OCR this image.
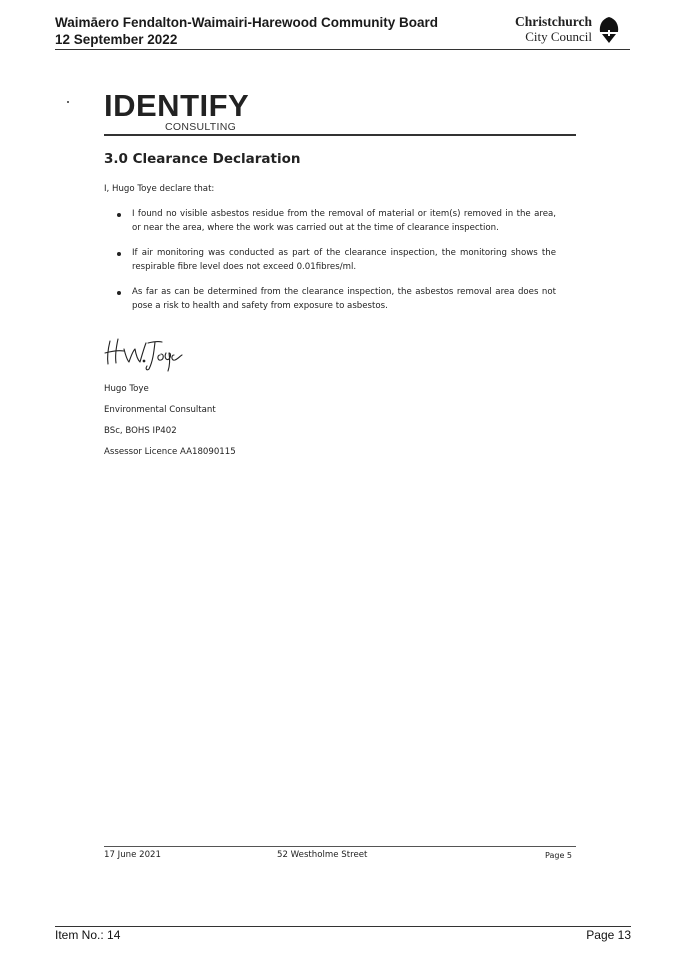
Waimāero Fendalton-Waimairi-Harewood Community Board
12 September 2022
Christchurch
City Council
IDENTIFY
CONSULTING
3.0 Clearance Declaration
I, Hugo Toye declare that:
I found no visible asbestos residue from the removal of material or item(s) removed in the area, or near the area, where the work was carried out at the time of clearance inspection.
If air monitoring was conducted as part of the clearance inspection, the monitoring shows the respirable fibre level does not exceed 0.01fibres/ml.
As far as can be determined from the clearance inspection, the asbestos removal area does not pose a risk to health and safety from exposure to asbestos.
Hugo Toye
Environmental Consultant
BSc, BOHS IP402
Assessor Licence AA18090115
17 June 2021	52 Westholme Street	Page 5
Item No.: 14	Page 13
